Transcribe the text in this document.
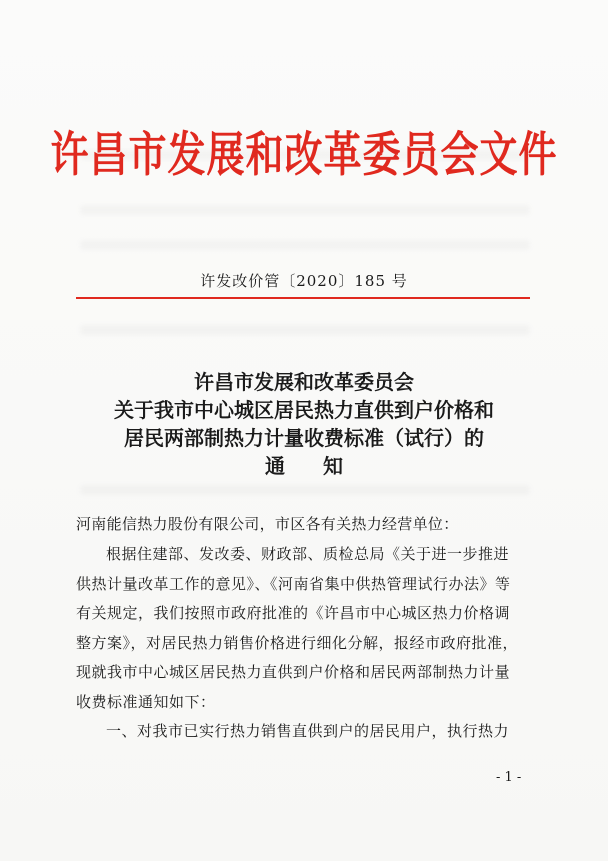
许昌市发展和改革委员会文件
许发改价管〔2020〕185 号
许昌市发展和改革委员会
关于我市中心城区居民热力直供到户价格和
居民两部制热力计量收费标准（试行）的
通知
河南能信热力股份有限公司，市区各有关热力经营单位：
根据住建部、发改委、财政部、质检总局《关于进一步推进
供热计量改革工作的意见》、《河南省集中供热管理试行办法》等
有关规定，我们按照市政府批准的《许昌市中心城区热力价格调
整方案》，对居民热力销售价格进行细化分解，报经市政府批准，
现就我市中心城区居民热力直供到户价格和居民两部制热力计量
收费标准通知如下：
一、对我市已实行热力销售直供到户的居民用户，执行热力
- 1 -
